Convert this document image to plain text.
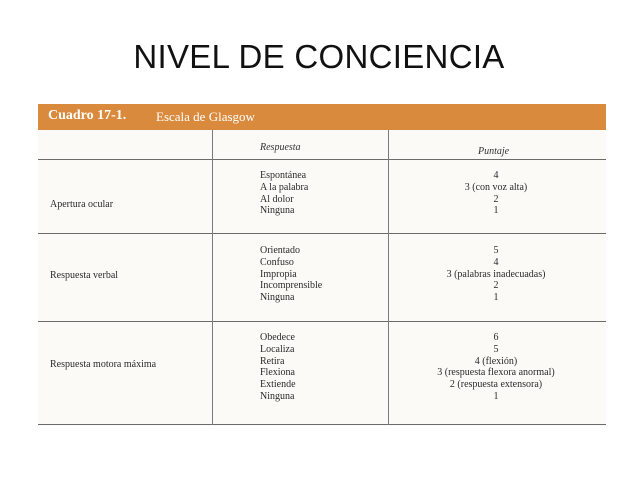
NIVEL DE CONCIENCIA
Cuadro 17-1. Escala de Glasgow
Respuesta	Puntaje
Apertura ocular
Espontánea
A la palabra
Al dolor
Ninguna
4
3 (con voz alta)
2
1
Respuesta verbal
Orientado
Confuso
Impropia
Incomprensible
Ninguna
5
4
3 (palabras inadecuadas)
2
1
Respuesta motora máxima
Obedece
Localiza
Retira
Flexiona
Extiende
Ninguna
6
5
4 (flexión)
3 (respuesta flexora anormal)
2 (respuesta extensora)
1
